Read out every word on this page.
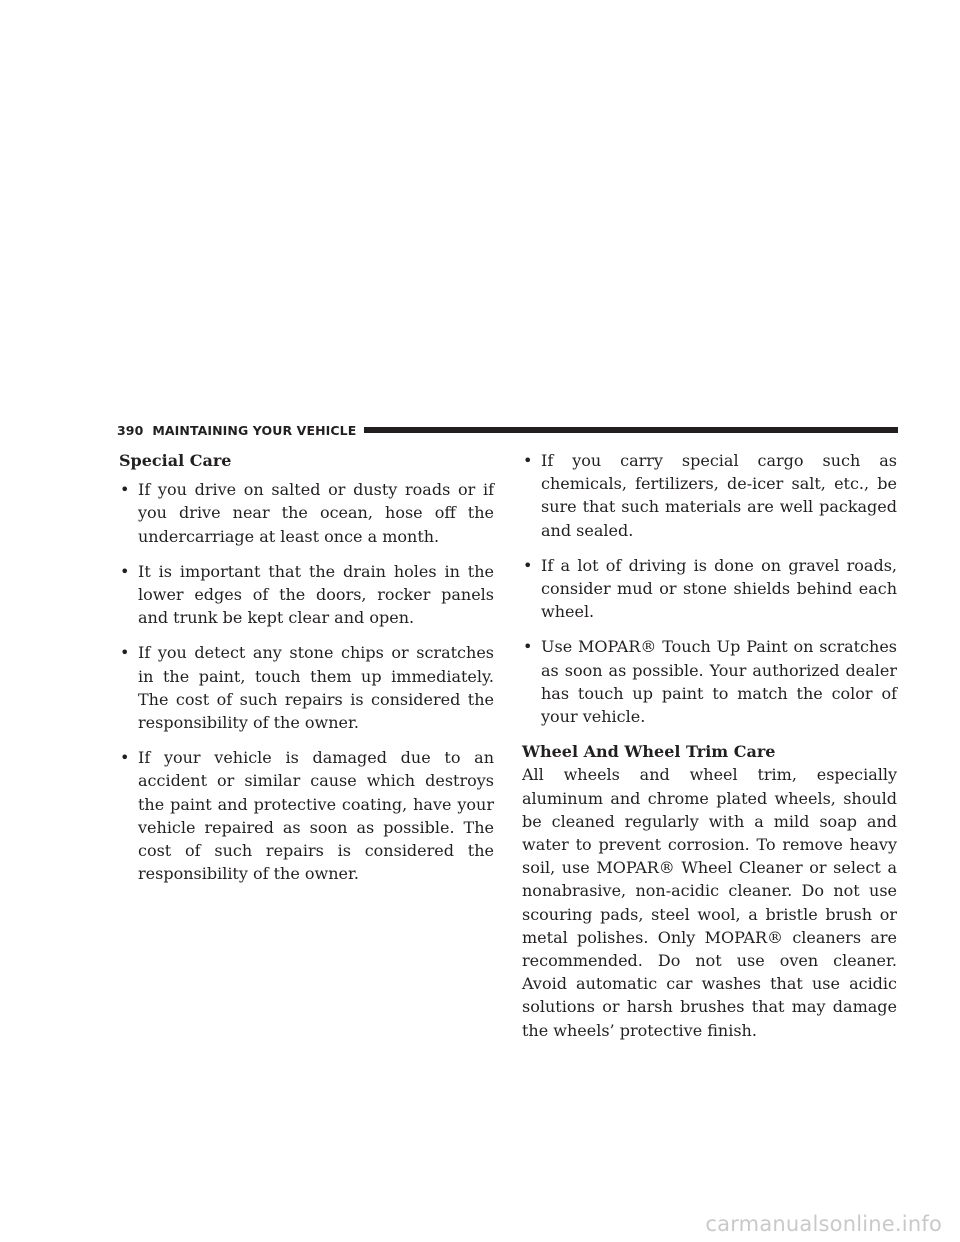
390 MAINTAINING YOUR VEHICLE
Special Care
• If you drive on salted or dusty roads or if you drive near the ocean, hose off the undercarriage at least once a month.
• It is important that the drain holes in the lower edges of the doors, rocker panels and trunk be kept clear and open.
• If you detect any stone chips or scratches in the paint, touch them up immediately. The cost of such repairs is considered the responsibility of the owner.
• If your vehicle is damaged due to an accident or similar cause which destroys the paint and protective coating, have your vehicle repaired as soon as possible. The cost of such repairs is considered the responsibility of the owner.
• If you carry special cargo such as chemicals, fertilizers, de-icer salt, etc., be sure that such materials are well packaged and sealed.
• If a lot of driving is done on gravel roads, consider mud or stone shields behind each wheel.
• Use MOPAR® Touch Up Paint on scratches as soon as possible. Your authorized dealer has touch up paint to match the color of your vehicle.
Wheel And Wheel Trim Care

All wheels and wheel trim, especially aluminum and chrome plated wheels, should be cleaned regularly with a mild soap and water to prevent corrosion. To remove heavy soil, use MOPAR® Wheel Cleaner or select a nonabrasive, non-acidic cleaner. Do not use scouring pads, steel wool, a bristle brush or metal polishes. Only MOPAR® cleaners are recommended. Do not use oven cleaner. Avoid automatic car washes that use acidic solutions or harsh brushes that may damage the wheels’ protective finish.

carmanualsonline.info
